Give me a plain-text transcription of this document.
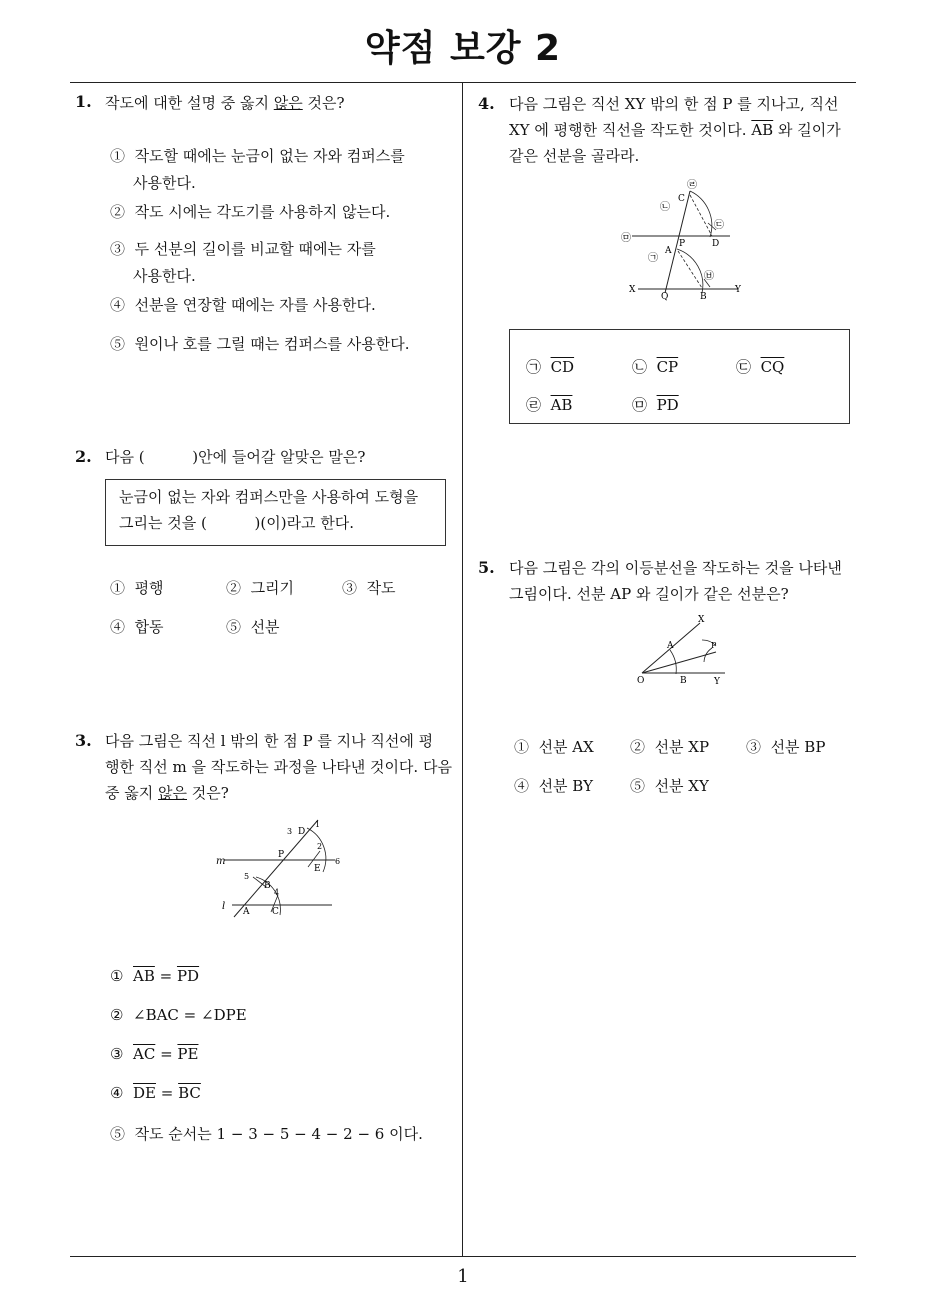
약점 보강 2
1
1. 작도에 대한 설명 중 옳지 않은 것은?
① 작도할 때에는 눈금이 없는 자와 컴퍼스를
사용한다.
② 작도 시에는 각도기를 사용하지 않는다.
③ 두 선분의 길이를 비교할 때에는 자를
사용한다.
④ 선분을 연장할 때에는 자를 사용한다.
⑤ 원이나 호를 그릴 때는 컴퍼스를 사용한다.
2. 다음 (          )안에 들어갈 알맞은 말은?
눈금이 없는 자와 컴퍼스만을 사용하여 도형을
그리는 것을 (          )(이)라고 한다.
① 평행	② 그리기	③ 작도
④ 합동	⑤ 선분
3. 다음 그림은 직선 l 밖의 한 점 P 를 지나 직선에 평
행한 직선 m 을 작도하는 과정을 나타낸 것이다. 다음
중 옳지 않은 것은?
m
l
P
D
E
B
A	C
1
2
3
4
5
6
① $\overline{AB} = \overline{PD}$
② ∠BAC = ∠DPE
③ $\overline{AC} = \overline{PE}$
④ $\overline{DE} = \overline{BC}$
⑤ 작도 순서는 1 − 3 − 5 − 4 − 2 − 6 이다.
4. 다음 그림은 직선 XY 밖의 한 점 P 를 지나고, 직선
XY 에 평행한 직선을 작도한 것이다. $\overline{AB}$ 와 길이가
같은 선분을 골라라.
㉣
㉡
㉢
㉤
㉠
㉥
C
D
P
A
X	Y
Q	B
㉠ $\overline{CD}$	㉡ $\overline{CP}$	㉢ $\overline{CQ}$
㉣ $\overline{AB}$	㉤ $\overline{PD}$
5. 다음 그림은 각의 이등분선을 작도하는 것을 나타낸
그림이다. 선분 AP 와 길이가 같은 선분은?
X
A	P
O	B	Y
① 선분 AX ② 선분 XP ③ 선분 BP
④ 선분 BY ⑤ 선분 XY
